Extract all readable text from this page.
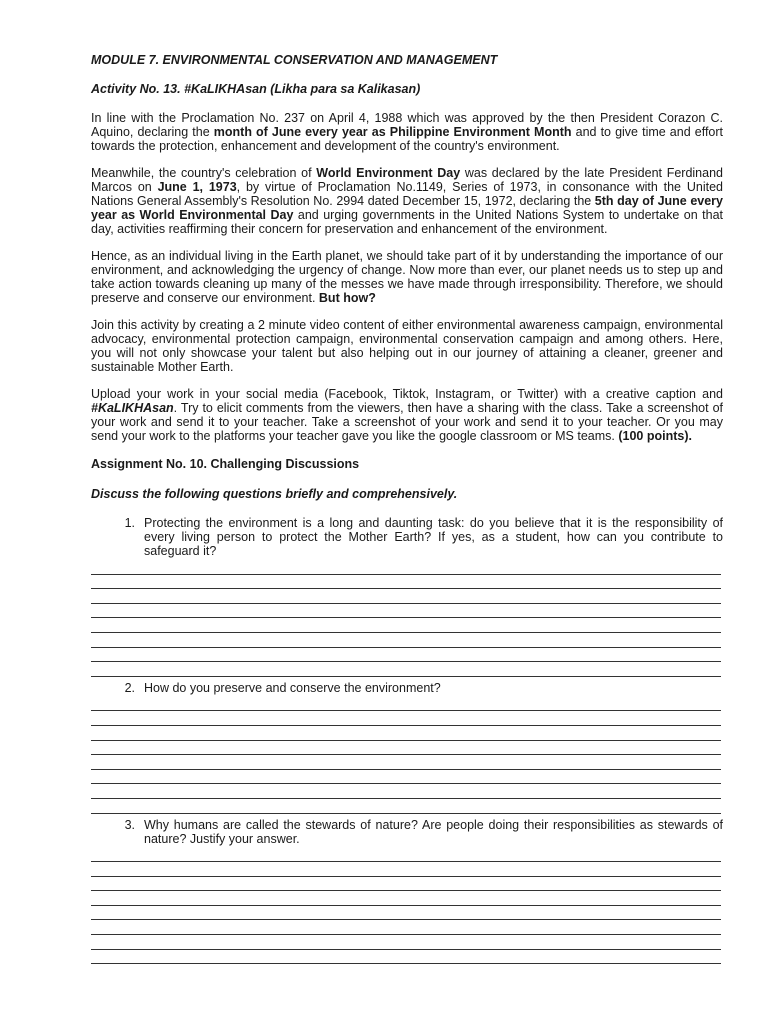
MODULE 7. ENVIRONMENTAL CONSERVATION AND MANAGEMENT
Activity No. 13. #KaLIKHAsan (Likha para sa Kalikasan)

In line with the Proclamation No. 237 on April 4, 1988 which was approved by the then President Corazon C. Aquino, declaring the month of June every year as Philippine Environment Month and to give time and effort towards the protection, enhancement and development of the country's environment.

Meanwhile, the country's celebration of World Environment Day was declared by the late President Ferdinand Marcos on June 1, 1973, by virtue of Proclamation No.1149, Series of 1973, in consonance with the United Nations General Assembly's Resolution No. 2994 dated December 15, 1972, declaring the 5th day of June every year as World Environmental Day and urging governments in the United Nations System to undertake on that day, activities reaffirming their concern for preservation and enhancement of the environment.

Hence, as an individual living in the Earth planet, we should take part of it by understanding the importance of our environment, and acknowledging the urgency of change. Now more than ever, our planet needs us to step up and take action towards cleaning up many of the messes we have made through irresponsibility. Therefore, we should preserve and conserve our environment. But how?

Join this activity by creating a 2 minute video content of either environmental awareness campaign, environmental advocacy, environmental protection campaign, environmental conservation campaign and among others. Here, you will not only showcase your talent but also helping out in our journey of attaining a cleaner, greener and sustainable Mother Earth.

Upload your work in your social media (Facebook, Tiktok, Instagram, or Twitter) with a creative caption and #KaLIKHAsan. Try to elicit comments from the viewers, then have a sharing with the class. Take a screenshot of your work and send it to your teacher. Take a screenshot of your work and send it to your teacher. Or you may send your work to the platforms your teacher gave you like the google classroom or MS teams. (100 points).

Assignment No. 10. Challenging Discussions
Discuss the following questions briefly and comprehensively.
1. Protecting the environment is a long and daunting task: do you believe that it is the responsibility of every living person to protect the Mother Earth? If yes, as a student, how can you contribute to safeguard it?
2. How do you preserve and conserve the environment?
3. Why humans are called the stewards of nature? Are people doing their responsibilities as stewards of nature? Justify your answer.
